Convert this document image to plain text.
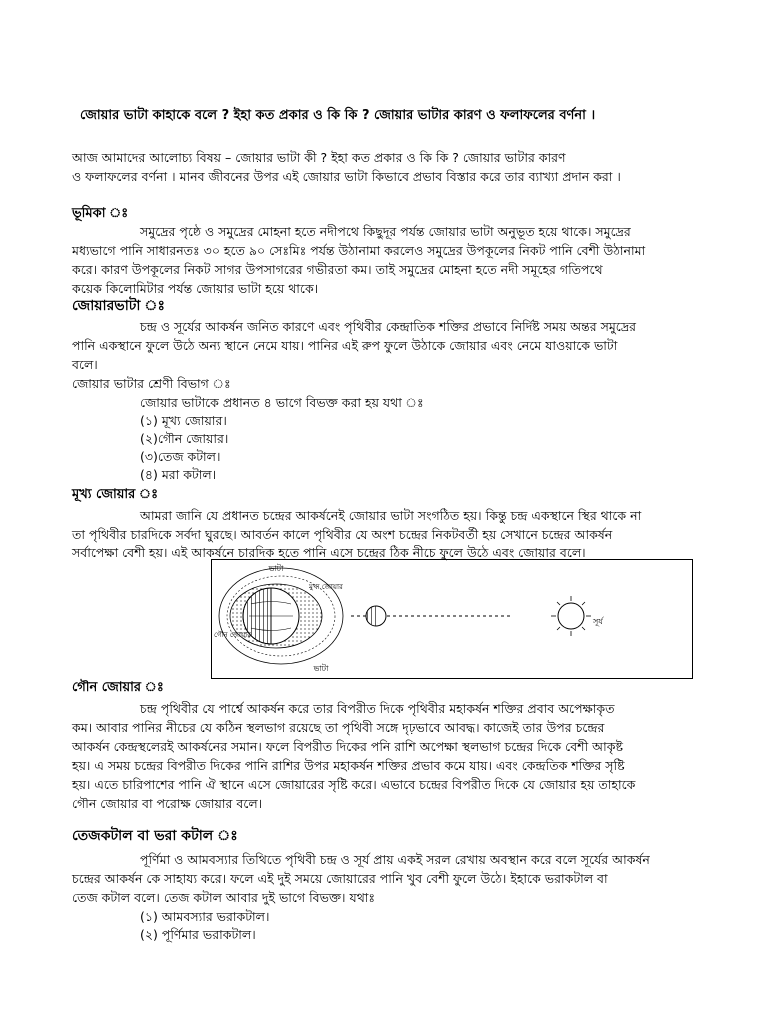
জোয়ার ভাটা কাহাকে বলে ? ইহা কত প্রকার ও কি কি ? জোয়ার ভাটার কারণ ও ফলাফলের বর্ণনা ।
আজ আমাদের আলোচ্য বিষয় – জোয়ার ভাটা কী ? ইহা কত প্রকার ও কি কি ? জোয়ার ভাটার কারণ
ও ফলাফলের বর্ণনা । মানব জীবনের উপর এই জোয়ার ভাটা কিভাবে প্রভাব বিস্তার করে তার ব্যাখ্যা প্রদান করা ।
ভূমিকা ঃ
সমুদ্রের পৃষ্ঠে ও সমুদ্রের মোহনা হতে নদীপথে কিছুদূর পর্যন্ত জোয়ার ভাটা অনুভূত হয়ে থাকে। সমুদ্রের
মধ্যভাগে পানি সাধারনতঃ ৩০ হতে ৯০ সেঃমিঃ পর্যন্ত উঠানামা করলেও সমুদ্রের উপকূলের নিকট পানি বেশী উঠানামা
করে। কারণ উপকূলের নিকট সাগর উপসাগরের গভীরতা কম। তাই সমুদ্রের মোহনা হতে নদী সমূহের গতিপথে
কয়েক কিলোমিটার পর্যন্ত জোয়ার ভাটা হয়ে থাকে।
জোয়ারভাটা ঃ
চন্দ্র ও সূর্যের আকর্ষন জনিত কারণে এবং পৃথিবীর কেন্দ্রাতিক শক্তির প্রভাবে নির্দিষ্ট সময় অন্তর সমুদ্রের
পানি একস্থানে ফুলে উঠে অন্য স্থানে নেমে যায়। পানির এই রুপ ফুলে উঠাকে জোয়ার এবং নেমে যাওয়াকে ভাটা
বলে।
জোয়ার ভাটার শ্রেণী বিভাগ ঃ
জোয়ার ভাটাকে প্রধানত ৪ ভাগে বিভক্ত করা হয় যথা ঃ
(১) মূখ্য জোয়ার।
(২)গৌন জোয়ার।
(৩)তেজ কটাল।
(৪) মরা কটাল।
মূখ্য জোয়ার ঃ
আমরা জানি যে প্রধানত চন্দ্রের আকর্ষনেই জোয়ার ভাটা সংগঠিত হয়। কিন্তু চন্দ্র একস্থানে স্থির থাকে না
তা পৃথিবীর চারদিকে সর্বদা ঘুরছে। আবর্তন কালে পৃথিবীর যে অংশ চন্দ্রের নিকটবর্তী হয় সেখানে চন্দ্রের আকর্ষন
সর্বাপেক্ষা বেশী হয়। এই আকর্ষনে চারদিক হতে পানি এসে চন্দ্রের ঠিক নীচে ফুলে উঠে এবং জোয়ার বলে।
ভাটা
মুখ্য জোয়ার
গৌন জোয়ার
ভাটা
সূর্য
গৌন জোয়ার ঃ
চন্দ্র পৃথিবীর যে পার্শ্বে আকর্ষন করে তার বিপরীত দিকে পৃথিবীর মহাকর্ষন শক্তির প্রবাব অপেক্ষাকৃত
কম। আবার পানির নীচের যে কঠিন স্থলভাগ রয়েছে তা পৃথিবী সঙ্গে দৃঢ়ভাবে আবদ্ধ। কাজেই তার উপর চন্দ্রের
আকর্ষন কেন্দ্রস্থলেরই আকর্ষনের সমান। ফলে বিপরীত দিকের পনি রাশি অপেক্ষা স্থলভাগ চন্দ্রের দিকে বেশী আকৃষ্ট
হয়। এ সময় চন্দ্রের বিপরীত দিকের পানি রাশির উপর মহাকর্ষন শক্তির প্রভাব কমে যায়। এবং কেন্দ্রতিক শক্তির সৃষ্টি
হয়। এতে চারিপাশের পানি ঐ স্থানে এসে জোয়ারের সৃষ্টি করে। এভাবে চন্দ্রের বিপরীত দিকে যে জোয়ার হয় তাহাকে
গৌন জোয়ার বা পরোক্ষ জোয়ার বলে।
তেজকটাল বা ভরা কটাল ঃ
পূর্ণিমা ও আমবস্যার তিথিতে পৃথিবী চন্দ্র ও সূর্য প্রায় একই সরল রেখায় অবস্থান করে বলে সূর্যের আকর্ষন
চন্দ্রের আকর্ষন কে সাহায্য করে। ফলে এই দুই সময়ে জোয়ারের পানি খুব বেশী ফুলে উঠে। ইহাকে ভরাকটাল বা
তেজ কটাল বলে। তেজ কটাল আবার দুই ভাগে বিভক্ত। যথাঃ
(১) আমবস্যার ভরাকটাল।
(২) পূর্ণিমার ভরাকটাল।
